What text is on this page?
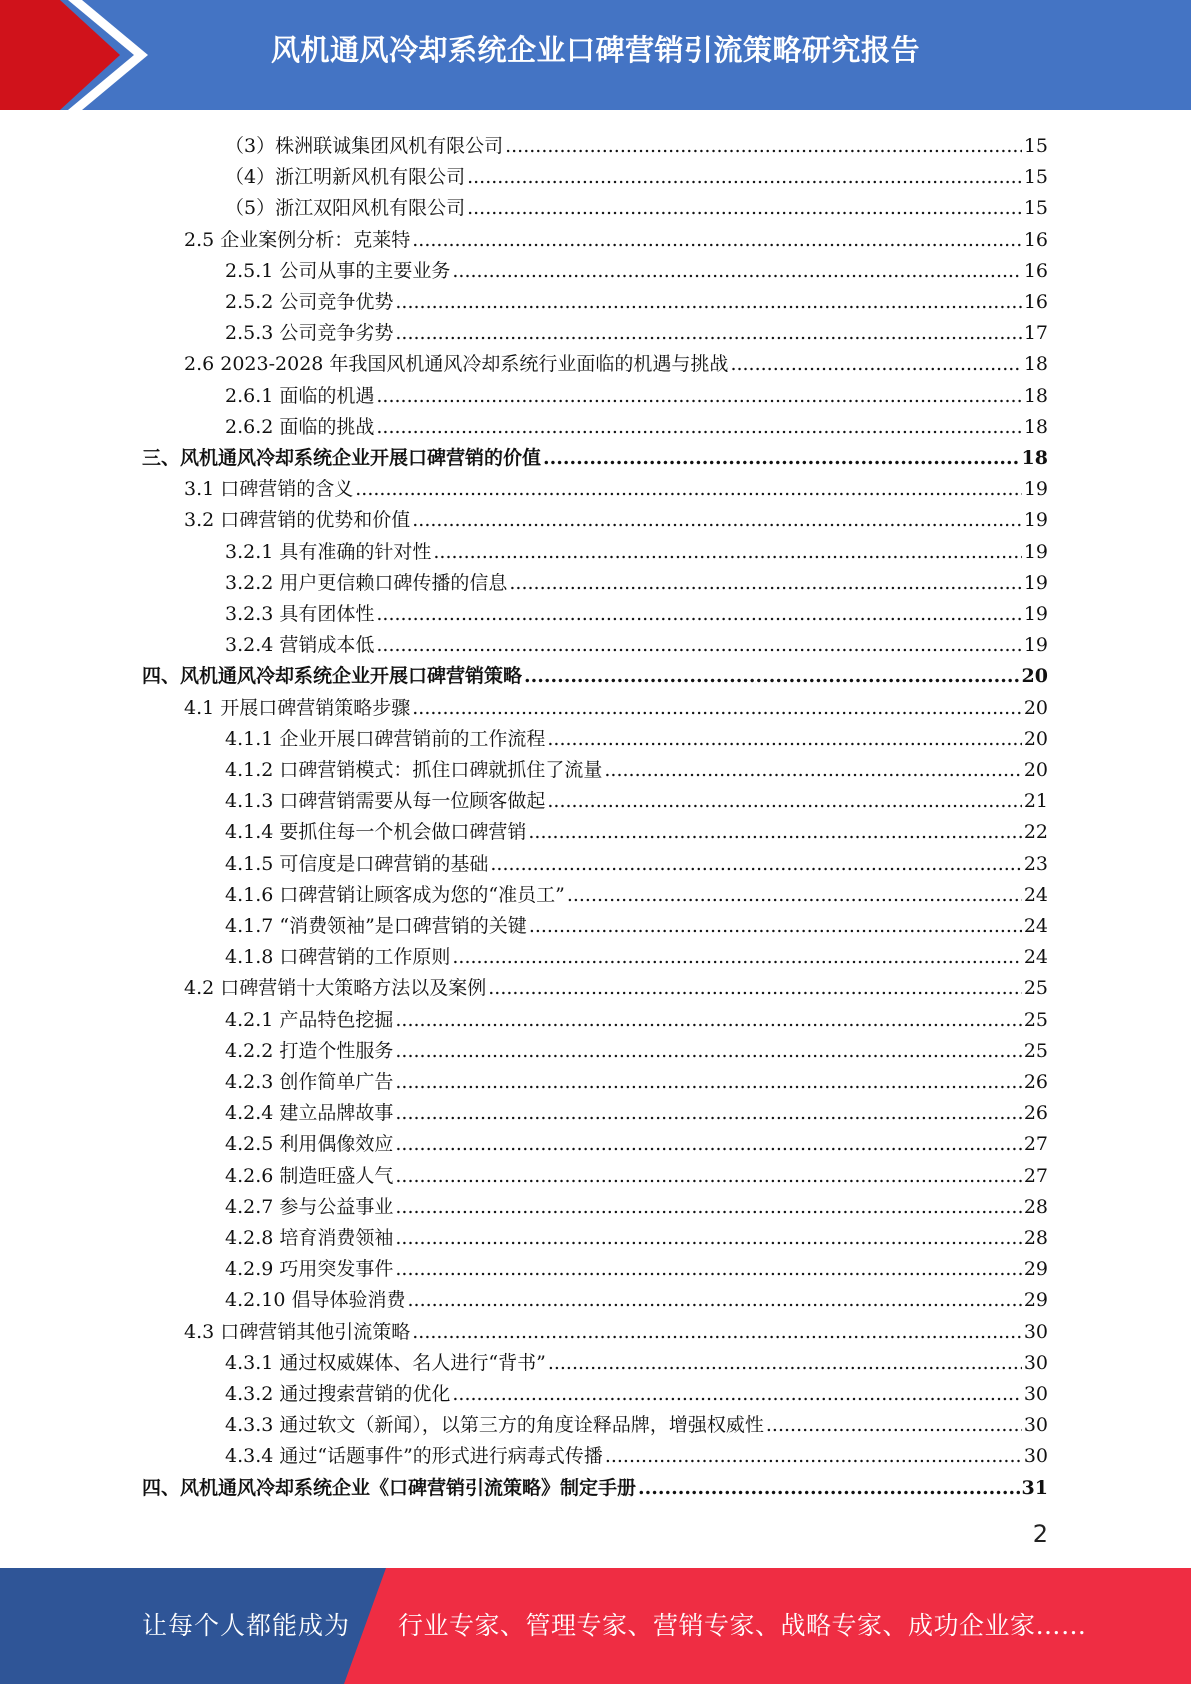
风机通风冷却系统企业口碑营销引流策略研究报告
（3）株洲联诚集团风机有限公司 .....	15
（4）浙江明新风机有限公司 .....	15
（5）浙江双阳风机有限公司 .....	15
2.5 企业案例分析：克莱特 .....	16
2.5.1 公司从事的主要业务 .....	16
2.5.2 公司竞争优势 .....	16
2.5.3 公司竞争劣势 .....	17
2.6 2023-2028 年我国风机通风冷却系统行业面临的机遇与挑战 .....	18
2.6.1 面临的机遇 .....	18
2.6.2 面临的挑战 .....	18
三、风机通风冷却系统企业开展口碑营销的价值 .....	18
3.1 口碑营销的含义 .....	19
3.2 口碑营销的优势和价值 .....	19
3.2.1 具有准确的针对性 .....	19
3.2.2 用户更信赖口碑传播的信息 .....	19
3.2.3 具有团体性 .....	19
3.2.4 营销成本低 .....	19
四、风机通风冷却系统企业开展口碑营销策略 .....	20
4.1 开展口碑营销策略步骤 .....	20
4.1.1 企业开展口碑营销前的工作流程 .....	20
4.1.2 口碑营销模式：抓住口碑就抓住了流量 .....	20
4.1.3 口碑营销需要从每一位顾客做起 .....	21
4.1.4 要抓住每一个机会做口碑营销 .....	22
4.1.5 可信度是口碑营销的基础 .....	23
4.1.6 口碑营销让顾客成为您的“准员工” .....	24
4.1.7 “消费领袖”是口碑营销的关键 .....	24
4.1.8 口碑营销的工作原则 .....	24
4.2 口碑营销十大策略方法以及案例 .....	25
4.2.1 产品特色挖掘 .....	25
4.2.2 打造个性服务 .....	25
4.2.3 创作简单广告 .....	26
4.2.4 建立品牌故事 .....	26
4.2.5 利用偶像效应 .....	27
4.2.6 制造旺盛人气 .....	27
4.2.7 参与公益事业 .....	28
4.2.8 培育消费领袖 .....	28
4.2.9 巧用突发事件 .....	29
4.2.10 倡导体验消费 .....	29
4.3 口碑营销其他引流策略 .....	30
4.3.1 通过权威媒体、名人进行“背书” .....	30
4.3.2 通过搜索营销的优化 .....	30
4.3.3 通过软文（新闻），以第三方的角度诠释品牌，增强权威性 .....	30
4.3.4 通过“话题事件”的形式进行病毒式传播 .....	30
四、风机通风冷却系统企业《口碑营销引流策略》制定手册 .....	31
2
让每个人都能成为 行业专家、管理专家、营销专家、战略专家、成功企业家……
